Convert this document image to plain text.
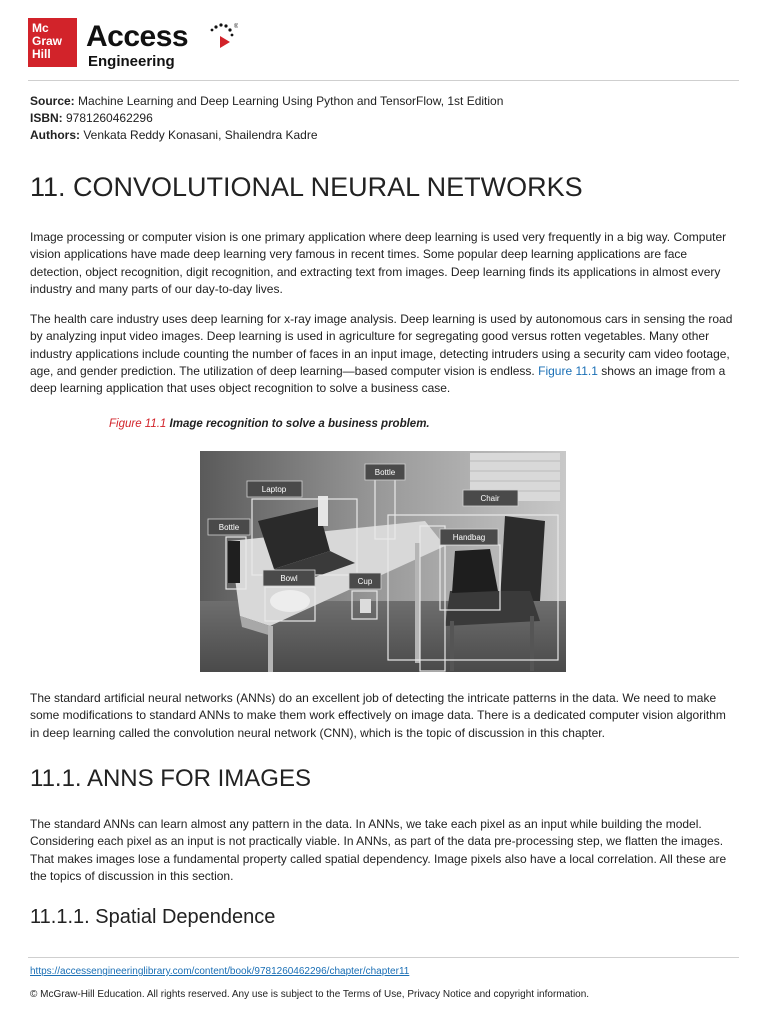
Mc
Graw
Hill
Access
Engineering
®
Source: Machine Learning and Deep Learning Using Python and TensorFlow, 1st Edition
ISBN: 9781260462296
Authors: Venkata Reddy Konasani, Shailendra Kadre
11. CONVOLUTIONAL NEURAL NETWORKS

Image processing or computer vision is one primary application where deep learning is used very frequently in a big way. Computer vision applications have made deep learning very famous in recent times. Some popular deep learning applications are face detection, object recognition, digit recognition, and extracting text from images. Deep learning finds its applications in almost every industry and many parts of our day-to-day lives.

The health care industry uses deep learning for x-ray image analysis. Deep learning is used by autonomous cars in sensing the road by analyzing input video images. Deep learning is used in agriculture for segregating good versus rotten vegetables. Many other industry applications include counting the number of faces in an input image, detecting intruders using a security cam video footage, age, and gender prediction. The utilization of deep learning—based computer vision is endless. Figure 11.1 shows an image from a deep learning application that uses object recognition to solve a business case.

Figure 11.1 Image recognition to solve a business problem.
Laptop
Bottle
Chair
Bottle
Handbag
Bowl	Cup

The standard artificial neural networks (ANNs) do an excellent job of detecting the intricate patterns in the data. We need to make some modifications to standard ANNs to make them work effectively on image data. There is a dedicated computer vision algorithm in deep learning called the convolution neural network (CNN), which is the topic of discussion in this chapter.

11.1. ANNS FOR IMAGES

The standard ANNs can learn almost any pattern in the data. In ANNs, we take each pixel as an input while building the model. Considering each pixel as an input is not practically viable. In ANNs, as part of the data pre-processing step, we flatten the images. That makes images lose a fundamental property called spatial dependency. Image pixels also have a local correlation. All these are the topics of discussion in this section.

11.1.1. Spatial Dependence
https://accessengineeringlibrary.com/content/book/9781260462296/chapter/chapter11
© McGraw-Hill Education. All rights reserved. Any use is subject to the Terms of Use, Privacy Notice and copyright information.
